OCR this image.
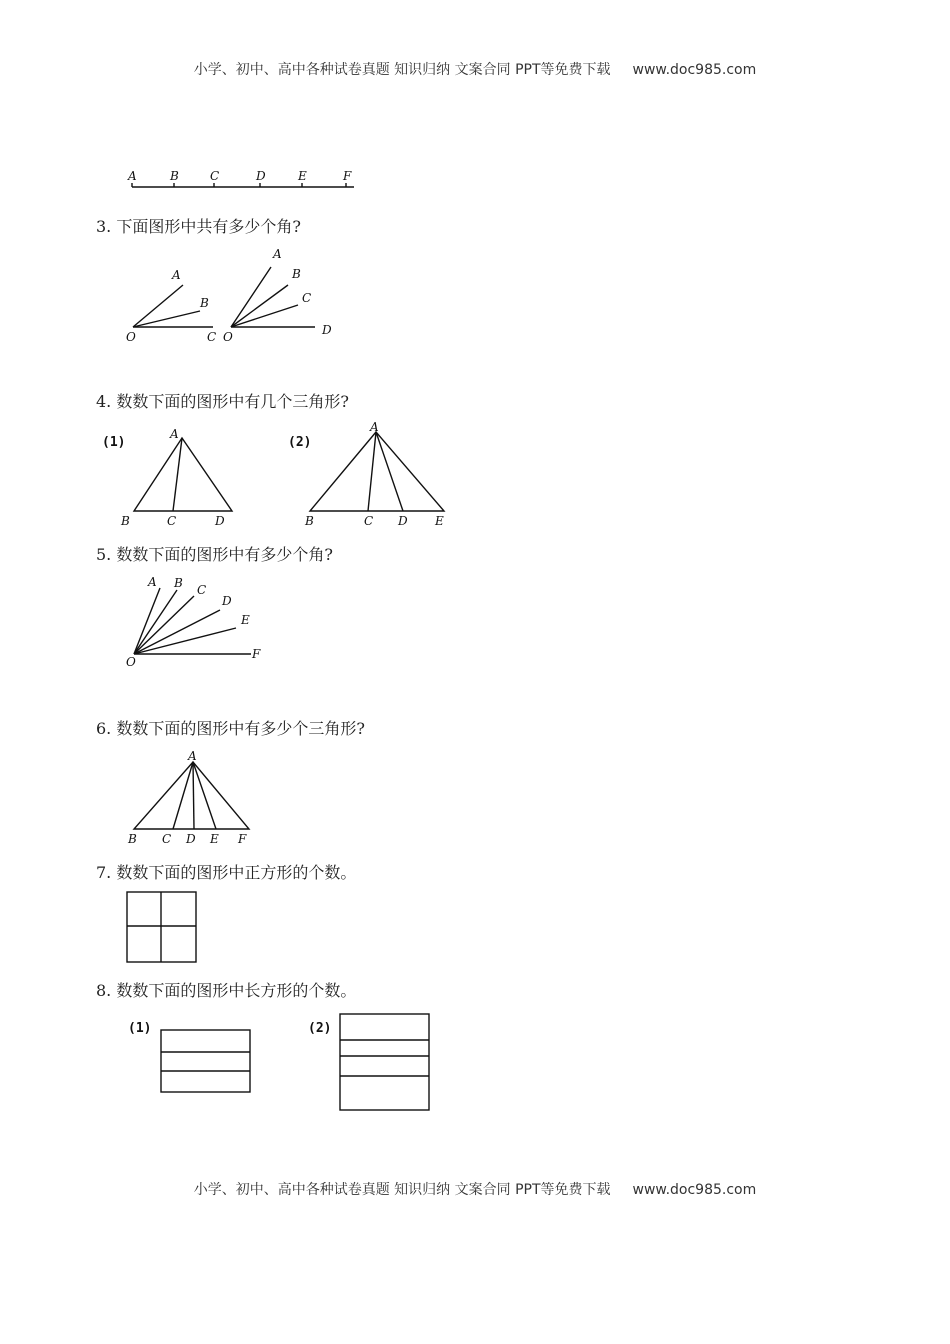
小学、初中、高中各种试卷真题 知识归纳 文案合同 PPT等免费下载 www.doc985.com
A	B	C	D	E	F
3. 下面图形中共有多少个角?
A
B
C
O
A
B
C
D
O
4. 数数下面的图形中有几个三角形?
(1)
A
B	C	D
(2)
A
B	C D E
5. 数数下面的图形中有多少个角?
A B C
D
E
F
O
6. 数数下面的图形中有多少个三角形?
A
B C D E F
7. 数数下面的图形中正方形的个数。
8. 数数下面的图形中长方形的个数。
(1)	(2)
小学、初中、高中各种试卷真题 知识归纳 文案合同 PPT等免费下载 www.doc985.com
